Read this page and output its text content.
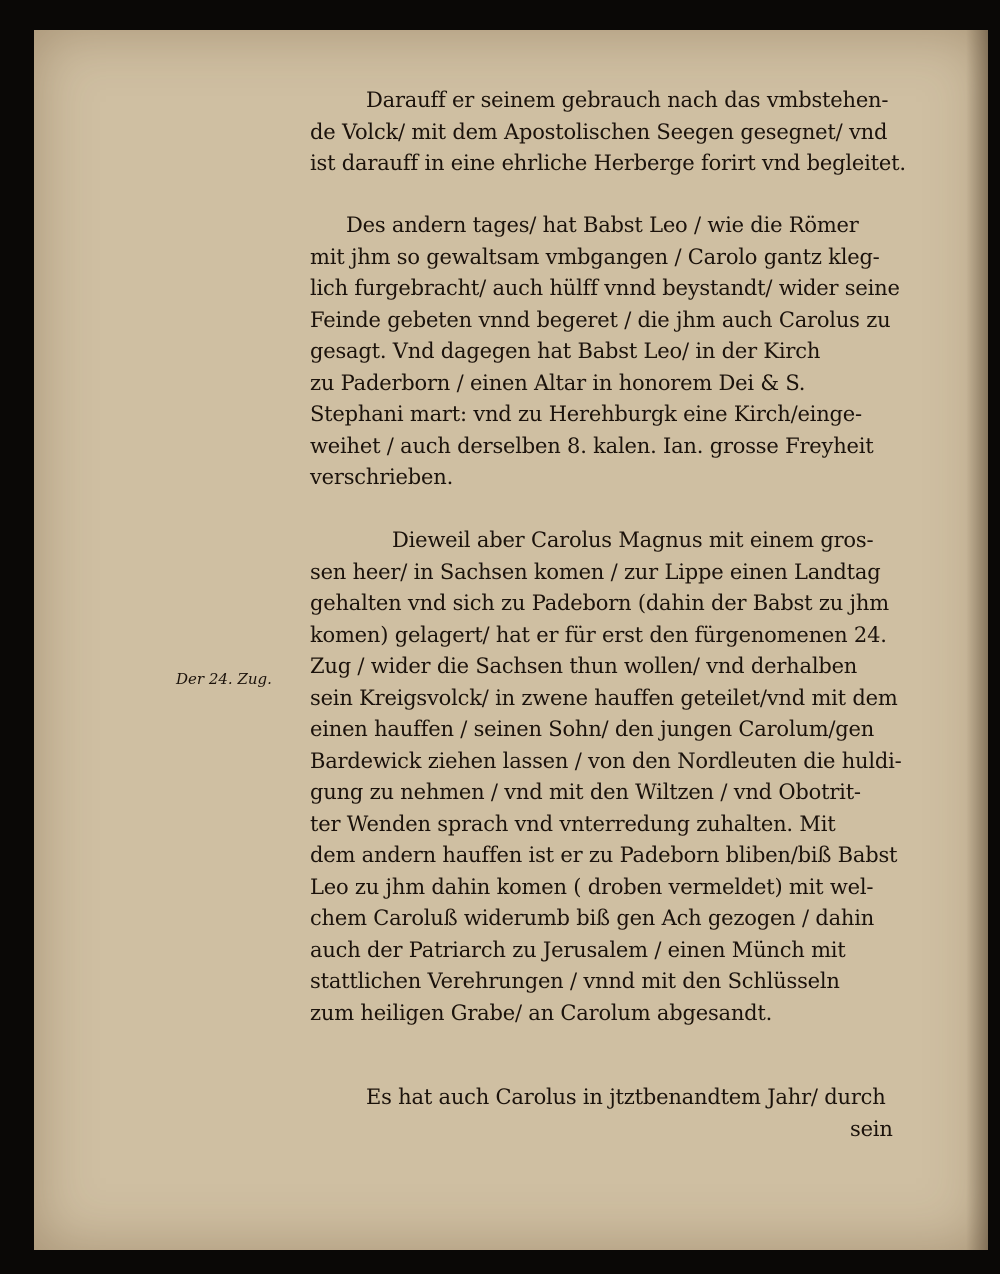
Darauff er seinem gebrauch nach das vmbstehen-
de Volck/ mit dem Apostolischen Seegen gesegnet/ vnd
ist darauff in eine ehrliche Herberge forirt vnd begleitet.
Des andern tages/ hat Babst Leo / wie die Römer
mit jhm so gewaltsam vmbgangen / Carolo gantz kleg-
lich furgebracht/ auch hülff vnnd beystandt/ wider seine
Feinde gebeten vnnd begeret / die jhm auch Carolus zu
gesagt. Vnd dagegen hat Babst Leo/ in der Kirch
zu Paderborn / einen Altar in honorem Dei & S.
Stephani mart: vnd zu Herehburgk eine Kirch/einge-
weihet / auch derselben 8. kalen. Ian. grosse Freyheit
verschrieben.
Der 24. Zug.
Dieweil aber Carolus Magnus mit einem gros-
sen heer/ in Sachsen komen / zur Lippe einen Landtag
gehalten vnd sich zu Padeborn (dahin der Babst zu jhm
komen) gelagert/ hat er für erst den fürgenomenen 24.
Zug / wider die Sachsen thun wollen/ vnd derhalben
sein Kreigsvolck/ in zwene hauffen geteilet/vnd mit dem
einen hauffen / seinen Sohn/ den jungen Carolum/gen
Bardewick ziehen lassen / von den Nordleuten die huldi-
gung zu nehmen / vnd mit den Wiltzen / vnd Obotrit-
ter Wenden sprach vnd vnterredung zuhalten. Mit
dem andern hauffen ist er zu Padeborn bliben/biß Babst
Leo zu jhm dahin komen ( droben vermeldet) mit wel-
chem Caroluß widerumb biß gen Ach gezogen / dahin
auch der Patriarch zu Jerusalem / einen Münch mit
stattlichen Verehrungen / vnnd mit den Schlüsseln
zum heiligen Grabe/ an Carolum abgesandt.
Es hat auch Carolus in jtztbenandtem Jahr/ durch
sein
